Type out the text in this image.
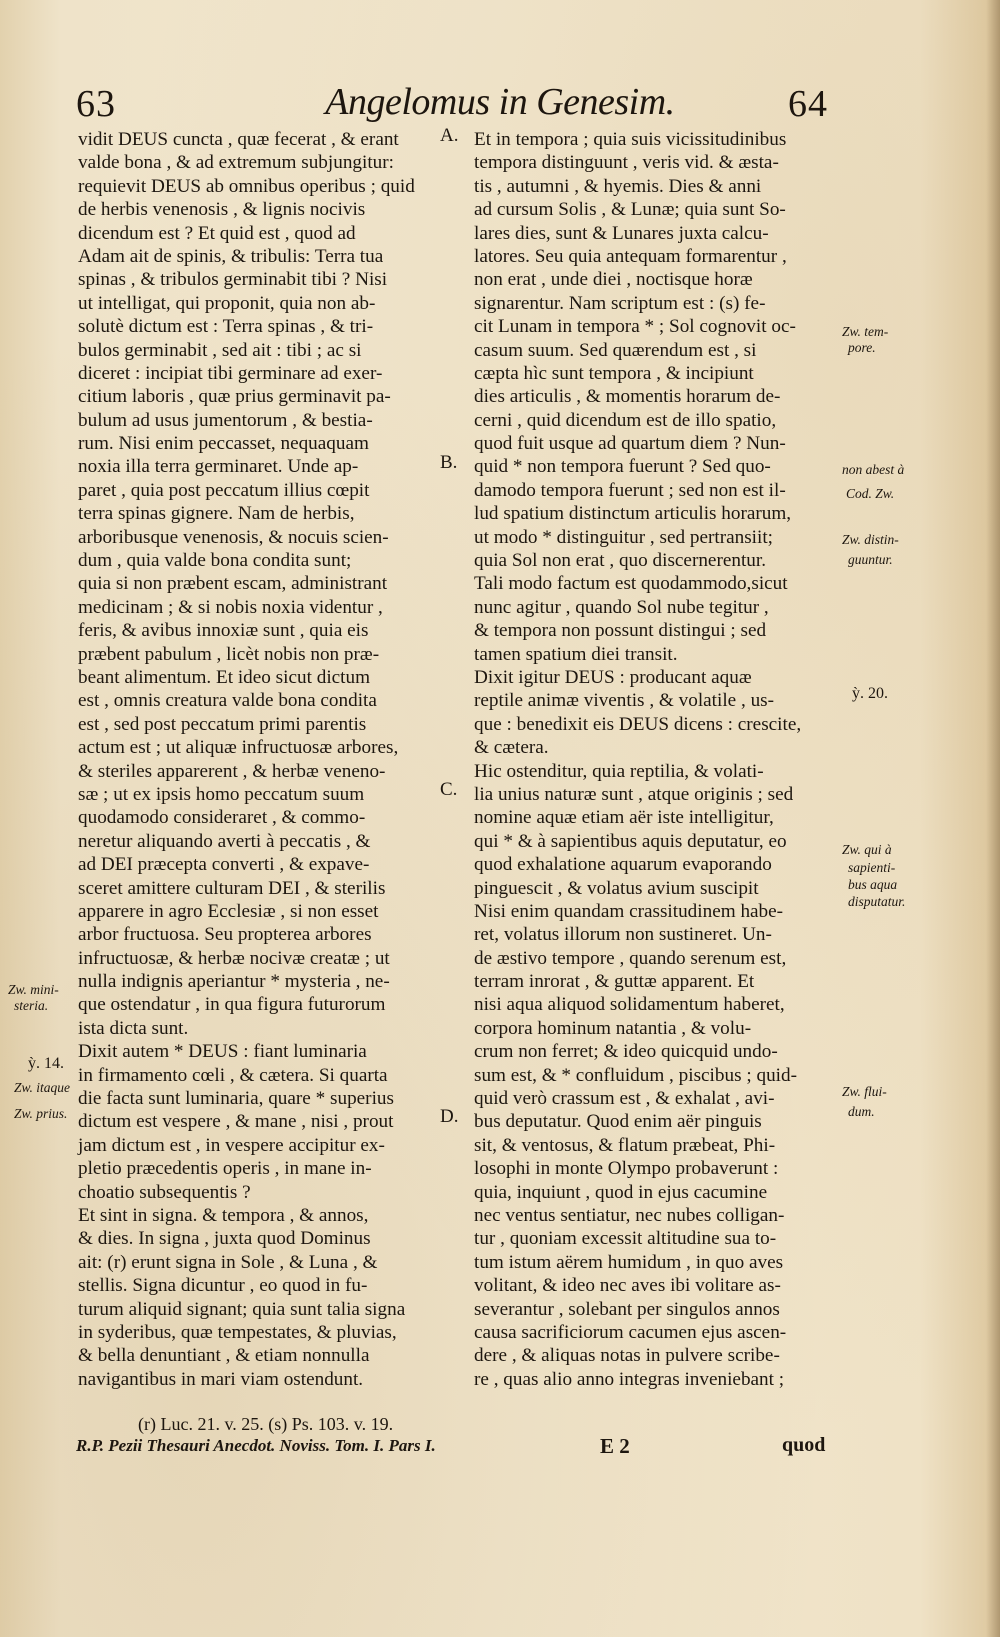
63	Angelomus in Genesim.	64
vidit DEUS cuncta , quæ fecerat , & erant
valde bona , & ad extremum subjungitur:
requievit DEUS ab omnibus operibus ; quid
de herbis venenosis , & lignis nocivis
dicendum est ? Et quid est , quod ad
Adam ait de spinis, & tribulis: Terra tua
spinas , & tribulos germinabit tibi ? Nisi
ut intelligat, qui proponit, quia non ab-
solutè dictum est : Terra spinas , & tri-
bulos germinabit , sed ait : tibi ; ac si
diceret : incipiat tibi germinare ad exer-
citium laboris , quæ prius germinavit pa-
bulum ad usus jumentorum , & bestia-
rum. Nisi enim peccasset, nequaquam
noxia illa terra germinaret. Unde ap-
paret , quia post peccatum illius cœpit
terra spinas gignere. Nam de herbis,
arboribusque venenosis, & nocuis scien-
dum , quia valde bona condita sunt;
quia si non præbent escam, administrant
medicinam ; & si nobis noxia videntur ,
feris, & avibus innoxiæ sunt , quia eis
præbent pabulum , licèt nobis non præ-
beant alimentum. Et ideo sicut dictum
est , omnis creatura valde bona condita
est , sed post peccatum primi parentis
actum est ; ut aliquæ infructuosæ arbores,
& steriles apparerent , & herbæ veneno-
sæ ; ut ex ipsis homo peccatum suum
quodamodo consideraret , & commo-
neretur aliquando averti à peccatis , &
ad DEI præcepta converti , & expave-
sceret amittere culturam DEI , & sterilis
apparere in agro Ecclesiæ , si non esset
arbor fructuosa. Seu propterea arbores
infructuosæ, & herbæ nocivæ creatæ ; ut
nulla indignis aperiantur * mysteria , ne-
que ostendatur , in qua figura futurorum
ista dicta sunt.
Dixit autem * DEUS : fiant luminaria
in firmamento cœli , & cætera. Si quarta
die facta sunt luminaria, quare * superius
dictum est vespere , & mane , nisi , prout
jam dictum est , in vespere accipitur ex-
pletio præcedentis operis , in mane in-
choatio subsequentis ?
Et sint in signa. & tempora , & annos,
& dies. In signa , juxta quod Dominus
ait: (r) erunt signa in Sole , & Luna , &
stellis. Signa dicuntur , eo quod in fu-
turum aliquid signant; quia sunt talia signa
in syderibus, quæ tempestates, & pluvias,
& bella denuntiant , & etiam nonnulla
navigantibus in mari viam ostendunt.
Et in tempora ; quia suis vicissitudinibus
tempora distinguunt , veris vid. & æsta-
tis , autumni , & hyemis. Dies & anni
ad cursum Solis , & Lunæ; quia sunt So-
lares dies, sunt & Lunares juxta calcu-
latores. Seu quia antequam formarentur ,
non erat , unde diei , noctisque horæ
signarentur. Nam scriptum est : (s) fe-
cit Lunam in tempora * ; Sol cognovit oc-
casum suum. Sed quærendum est , si
cæpta hìc sunt tempora , & incipiunt
dies articulis , & momentis horarum de-
cerni , quid dicendum est de illo spatio,
quod fuit usque ad quartum diem ? Nun-
quid * non tempora fuerunt ? Sed quo-
damodo tempora fuerunt ; sed non est il-
lud spatium distinctum articulis horarum,
ut modo * distinguitur , sed pertransiit;
quia Sol non erat , quo discernerentur.
Tali modo factum est quodammodo,sicut
nunc agitur , quando Sol nube tegitur ,
& tempora non possunt distingui ; sed
tamen spatium diei transit.
Dixit igitur DEUS : producant aquæ
reptile animæ viventis , & volatile , us-
que : benedixit eis DEUS dicens : crescite,
& cætera.
Hic ostenditur, quia reptilia, & volati-
lia unius naturæ sunt , atque originis ; sed
nomine aquæ etiam aër iste intelligitur,
qui * & à sapientibus aquis deputatur, eo
quod exhalatione aquarum evaporando
pinguescit , & volatus avium suscipit
Nisi enim quandam crassitudinem habe-
ret, volatus illorum non sustineret. Un-
de æstivo tempore , quando serenum est,
terram inrorat , & guttæ apparent. Et
nisi aqua aliquod solidamentum haberet,
corpora hominum natantia , & volu-
crum non ferret; & ideo quicquid undo-
sum est, & * confluidum , piscibus ; quid-
quid verò crassum est , & exhalat , avi-
bus deputatur. Quod enim aër pinguis
sit, & ventosus, & flatum præbeat, Phi-
losophi in monte Olympo probaverunt :
quia, inquiunt , quod in ejus cacumine
nec ventus sentiatur, nec nubes colligan-
tur , quoniam excessit altitudine sua to-
tum istum aërem humidum , in quo aves
volitant, & ideo nec aves ibi volitare as-
severantur , solebant per singulos annos
causa sacrificiorum cacumen ejus ascen-
dere , & aliquas notas in pulvere scribe-
re , quas alio anno integras inveniebant ;
A.
B.
C.
D.
Zw. tem-
pore.
non abest à
Cod. Zw.
Zw. distin-
guuntur.
ỳ. 20.
Zw. qui à
sapienti-
bus aqua
disputatur.
Zw. flui-
dum.
Zw. mini-
steria.
ỳ. 14.
Zw. itaque
Zw. prius.
(r) Luc. 21. v. 25. (s) Ps. 103. v. 19.
R.P. Pezii Thesauri Anecdot. Noviss. Tom. I. Pars I.	E 2	quod
